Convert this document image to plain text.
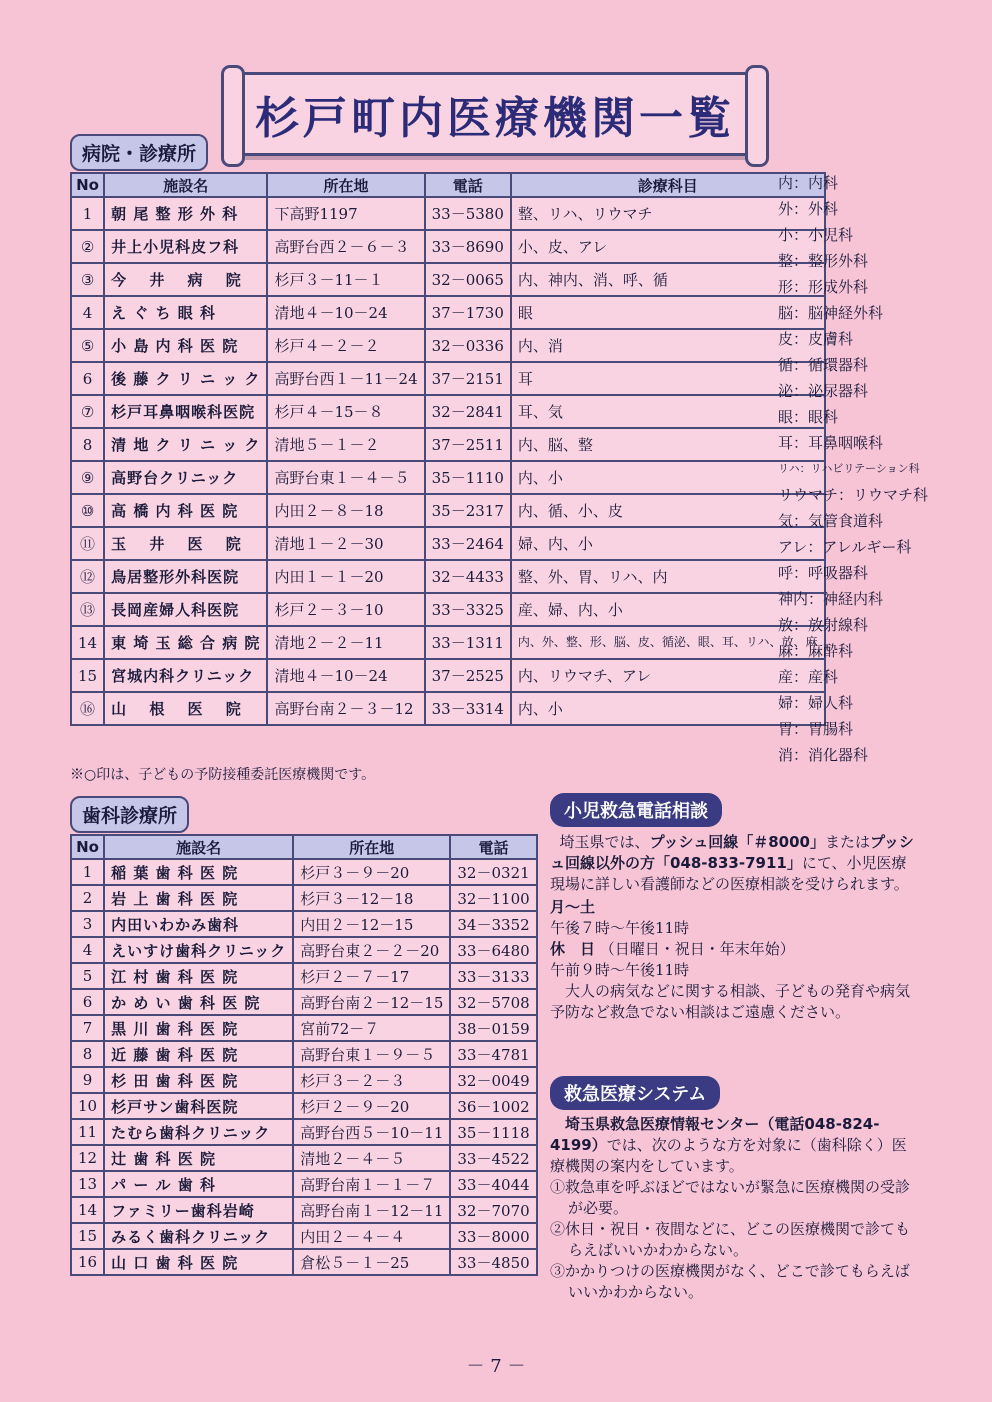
杉戸町内医療機関一覧
病院・診療所
No	施設名	所在地	電話	診療科目
1	朝 尾 整 形 外 科	下高野1197	33－5380	整、リハ、リウマチ
②	井上小児科皮フ科	高野台西２－６－３	33－8690	小、皮、アレ
③	今　 井　 病　 院	杉戸３－11－１	32－0065	内、神内、消、呼、循
4	え ぐ ち 眼 科	清地４－10－24	37－1730	眼
⑤	小 島 内 科 医 院	杉戸４－２－２	32－0336	内、消
6	後 藤 ク リ ニ ッ ク	高野台西１－11－24	37－2151	耳
⑦	杉戸耳鼻咽喉科医院	杉戸４－15－８	32－2841	耳、気
8	清 地 ク リ ニ ッ ク	清地５－１－２	37－2511	内、脳、整
⑨	高野台クリニック	高野台東１－４－５	35－1110	内、小
⑩	高 橋 内 科 医 院	内田２－８－18	35－2317	内、循、小、皮
⑪	玉　 井　 医　 院	清地１－２－30	33－2464	婦、内、小
⑫	鳥居整形外科医院	内田１－１－20	32－4433	整、外、胃、リハ、内
⑬	長岡産婦人科医院	杉戸２－３－10	33－3325	産、婦、内、小
14	東 埼 玉 総 合 病 院	清地２－２－11	33－1311	内、外、整、形、脳、皮、循泌、眼、耳、リハ、放、麻
15	宮城内科クリニック	清地４－10－24	37－2525	内、リウマチ、アレ
⑯	山　 根　 医　 院	高野台南２－３－12	33－3314	内、小
※○印は、子どもの予防接種委託医療機関です。
内：内科
外：外科
小：小児科
整：整形外科
形：形成外科
脳：脳神経外科
皮：皮膚科
循：循環器科
泌：泌尿器科
眼：眼科
耳：耳鼻咽喉科
リハ：リハビリテーション科
リウマチ：リウマチ科
気：気管食道科
アレ：アレルギー科
呼：呼吸器科
神内：神経内科
放：放射線科
麻：麻酔科
産：産科
婦：婦人科
胃：胃腸科
消：消化器科
歯科診療所
No	施設名	所在地	電話
1	稲 葉 歯 科 医 院	杉戸３－９－20	32－0321
2	岩 上 歯 科 医 院	杉戸３－12－18	32－1100
3	内田いわかみ歯科	内田２－12－15	34－3352
4	えいすけ歯科クリニック	高野台東２－２－20	33－6480
5	江 村 歯 科 医 院	杉戸２－７－17	33－3133
6	か め い 歯 科 医 院	高野台南２－12－15	32－5708
7	黒 川 歯 科 医 院	宮前72－７	38－0159
8	近 藤 歯 科 医 院	高野台東１－９－５	33－4781
9	杉 田 歯 科 医 院	杉戸３－２－３	32－0049
10	杉戸サン歯科医院	杉戸２－９－20	36－1002
11	たむら歯科クリニック	高野台西５－10－11	35－1118
12	辻 歯 科 医 院	清地２－４－５	33－4522
13	パ ー ル 歯 科	高野台南１－１－７	33－4044
14	ファミリー歯科岩崎	高野台南１－12－11	32－7070
15	みるく歯科クリニック	内田２－４－４	33－8000
16	山 口 歯 科 医 院	倉松５－１－25	33－4850
小児救急電話相談

埼玉県では、プッシュ回線「＃8000」またはプッシュ回線以外の方「048-833-7911」にて、小児医療現場に詳しい看護師などの医療相談を受けられます。

月～土

午後７時～午後11時

休　日 （日曜日・祝日・年末年始）

午前９時～午後11時

大人の病気などに関する相談、子どもの発育や病気予防など救急でない相談はご遠慮ください。

救急医療システム

埼玉県救急医療情報センター（電話048-824-4199）では、次のような方を対象に（歯科除く）医療機関の案内をしています。

①救急車を呼ぶほどではないが緊急に医療機関の受診が必要。

②休日・祝日・夜間などに、どこの医療機関で診てもらえばいいかわからない。

③かかりつけの医療機関がなく、どこで診てもらえばいいかわからない。

－ 7 －
